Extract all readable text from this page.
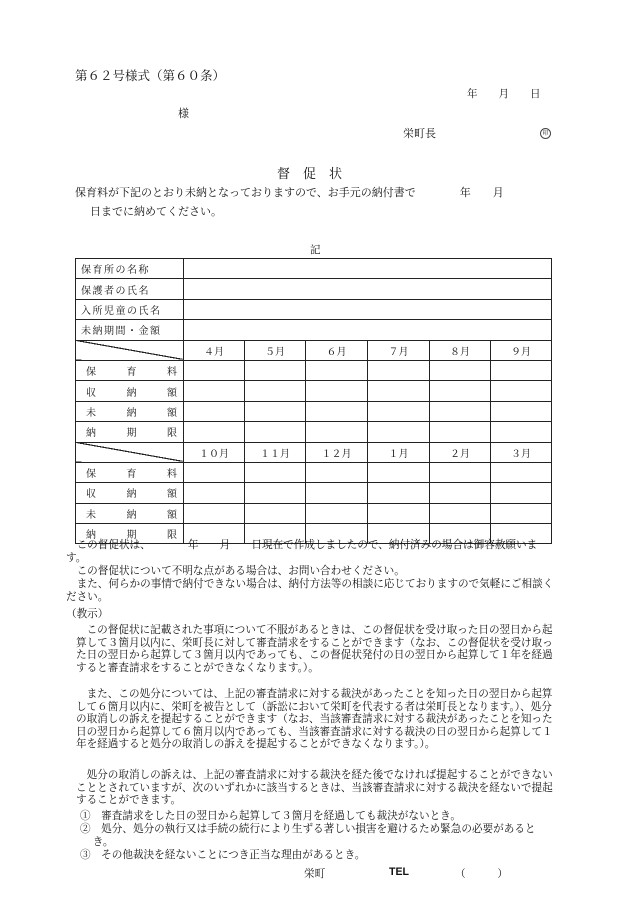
第６２号様式（第６０条）
年　　月　　日
様
栄町長	印
督　促　状
保育料が下記のとおり未納となっておりますので、お手元の納付書で　　　　年　　月
日までに納めてください。
記
保育所の名称						
保護者の氏名						
入所児童の氏名						
未納期間・金額						
	４月	５月	６月	７月	８月	９月
保育料						
収納額						
未納額						
納期限						
	１０月	１１月	１２月	１月	２月	３月
保育料						
収納額						
未納額						
納期限						
この督促状は、　　　　年　　月　　日現在で作成しましたので、納付済みの場合は御容赦願います。
この督促状について不明な点がある場合は、お問い合わせください。
また、何らかの事情で納付できない場合は、納付方法等の相談に応じておりますので気軽にご相談ください。
（教示）
この督促状に記載された事項について不服があるときは、この督促状を受け取った日の翌日から起算して３箇月以内に、栄町長に対して審査請求をすることができます（なお、この督促状を受け取った日の翌日から起算して３箇月以内であっても、この督促状発付の日の翌日から起算して１年を経過すると審査請求をすることができなくなります。）。
また、この処分については、上記の審査請求に対する裁決があったことを知った日の翌日から起算して６箇月以内に、栄町を被告として（訴訟において栄町を代表する者は栄町長となります。）、処分の取消しの訴えを提起することができます（なお、当該審査請求に対する裁決があったことを知った日の翌日から起算して６箇月以内であっても、当該審査請求に対する裁決の日の翌日から起算して１年を経過すると処分の取消しの訴えを提起することができなくなります。）。
処分の取消しの訴えは、上記の審査請求に対する裁決を経た後でなければ提起することができないこととされていますが、次のいずれかに該当するときは、当該審査請求に対する裁決を経ないで提起することができます。
①　審査請求をした日の翌日から起算して３箇月を経過しても裁決がないとき。
②　処分、処分の執行又は手続の続行により生ずる著しい損害を避けるため緊急の必要があるとき。
③　その他裁決を経ないことにつき正当な理由があるとき。
栄町	TEL	（　　　）
